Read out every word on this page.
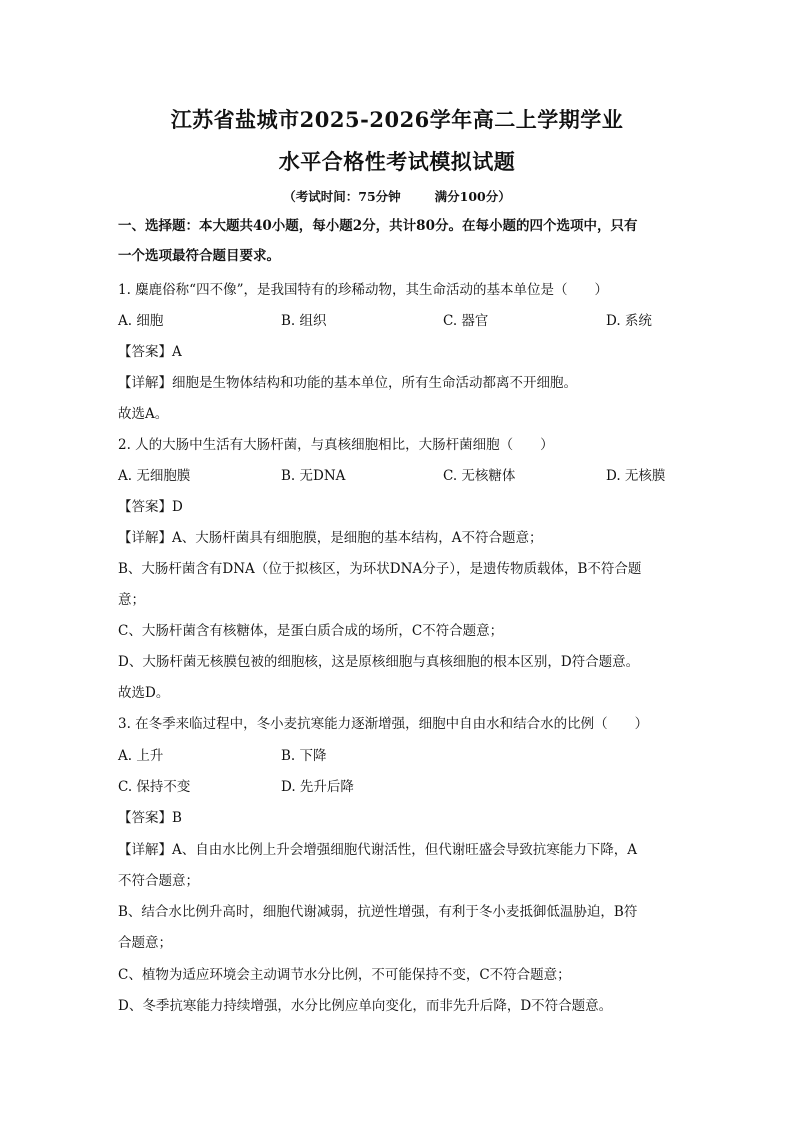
江苏省盐城市2025-2026学年高二上学期学业
水平合格性考试模拟试题
（考试时间：75分钟	满分100分）
一、选择题：本大题共40小题，每小题2分，共计80分。在每小题的四个选项中，只有
一个选项最符合题目要求。
1. 麋鹿俗称“四不像”，是我国特有的珍稀动物，其生命活动的基本单位是（　　）
A. 细胞	B. 组织	C. 器官	D. 系统
【答案】A
【详解】细胞是生物体结构和功能的基本单位，所有生命活动都离不开细胞。
故选A。
2. 人的大肠中生活有大肠杆菌，与真核细胞相比，大肠杆菌细胞（　　）
A. 无细胞膜	B. 无DNA	C. 无核糖体	D. 无核膜
【答案】D
【详解】A、大肠杆菌具有细胞膜，是细胞的基本结构，A不符合题意；
B、大肠杆菌含有DNA（位于拟核区，为环状DNA分子），是遗传物质载体，B不符合题
意；
C、大肠杆菌含有核糖体，是蛋白质合成的场所，C不符合题意；
D、大肠杆菌无核膜包被的细胞核，这是原核细胞与真核细胞的根本区别，D符合题意。
故选D。
3. 在冬季来临过程中，冬小麦抗寒能力逐渐增强，细胞中自由水和结合水的比例（　　）
A. 上升	B. 下降
C. 保持不变	D. 先升后降
【答案】B
【详解】A、自由水比例上升会增强细胞代谢活性，但代谢旺盛会导致抗寒能力下降，A
不符合题意；
B、结合水比例升高时，细胞代谢减弱，抗逆性增强，有利于冬小麦抵御低温胁迫，B符
合题意；
C、植物为适应环境会主动调节水分比例，不可能保持不变，C不符合题意；
D、冬季抗寒能力持续增强，水分比例应单向变化，而非先升后降，D不符合题意。
